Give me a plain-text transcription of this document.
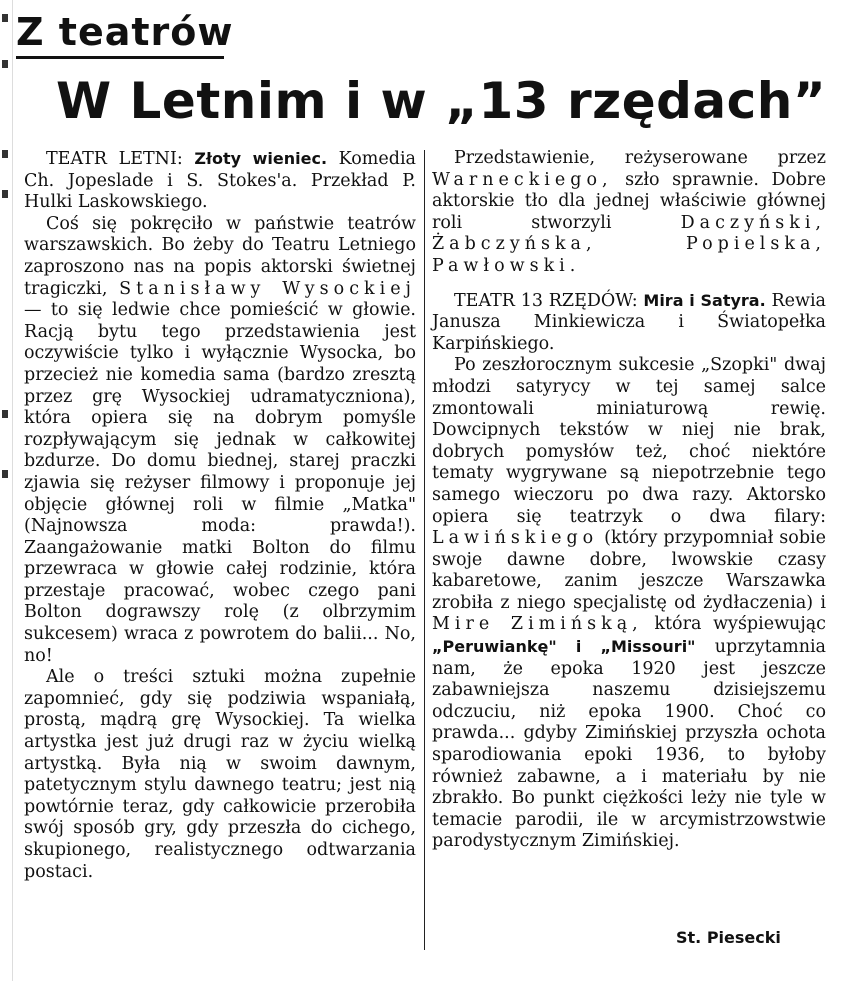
Z teatrów
W Letnim i w „13 rzędach”

TEATR LETNI: Złoty wieniec. Komedia Ch. Jopeslade i S. Stokes'a. Przekład P. Hulki Laskowskiego.

Coś się pokręciło w państwie teatrów warszawskich. Bo żeby do Teatru Letniego zaproszono nas na popis aktorski świetnej tragiczki, Stanisławy Wysockiej — to się ledwie chce pomieścić w głowie. Racją bytu tego przedstawienia jest oczywiście tylko i wyłącznie Wysocka, bo przecież nie komedia sama (bardzo zresztą przez grę Wysockiej udramatyczniona), która opiera się na dobrym pomyśle rozpływającym się jednak w całkowitej bzdurze. Do domu biednej, starej praczki zjawia się reżyser filmowy i proponuje jej objęcie głównej roli w filmie „Matka" (Najnowsza moda: prawda!). Zaangażowanie matki Bolton do filmu przewraca w głowie całej rodzinie, która przestaje pracować, wobec czego pani Bolton dograwszy rolę (z olbrzymim sukcesem) wraca z powrotem do balii... No, no!

Ale o treści sztuki można zupełnie zapomnieć, gdy się podziwia wspaniałą, prostą, mądrą grę Wysockiej. Ta wielka artystka jest już drugi raz w życiu wielką artystką. Była nią w swoim dawnym, patetycznym stylu dawnego teatru; jest nią powtórnie teraz, gdy całkowicie przerobiła swój sposób gry, gdy przeszła do cichego, skupionego, realistycznego odtwarzania postaci.

Przedstawienie, reżyserowane przez Warneckiego, szło sprawnie. Dobre aktorskie tło dla jednej właściwie głównej roli stworzyli	Daczyński, Żabczyńska, Popielska, Pawłowski.

TEATR 13 RZĘDÓW: Mira i Satyra. Rewia Janusza Minkiewicza i Światopełka Karpińskiego.

Po zeszłorocznym sukcesie „Szopki" dwaj młodzi satyrycy w tej samej salce zmontowali miniaturową rewię. Dowcipnych tekstów w niej nie brak, dobrych pomysłów też, choć niektóre tematy wygrywane są niepotrzebnie tego samego wieczoru po dwa razy. Aktorsko opiera się teatrzyk o dwa filary: Lawińskiego (który przypomniał sobie swoje dawne dobre, lwowskie czasy kabaretowe, zanim jeszcze Warszawka zrobiła z niego specjalistę od żydłaczenia) i Mire Zimińską, która wyśpiewując „Peruwiankę" i „Missouri" uprzytamnia nam, że epoka 1920 jest jeszcze zabawniejsza naszemu dzisiejszemu odczuciu, niż epoka 1900. Choć co prawda... gdyby Zimińskiej przyszła ochota sparodiowania epoki 1936, to byłoby również zabawne, a i materiału by nie zbrakło. Bo punkt ciężkości leży nie tyle w temacie parodii, ile w arcymistrzowstwie parodystycznym Zimińskiej.

St. Piesecki
